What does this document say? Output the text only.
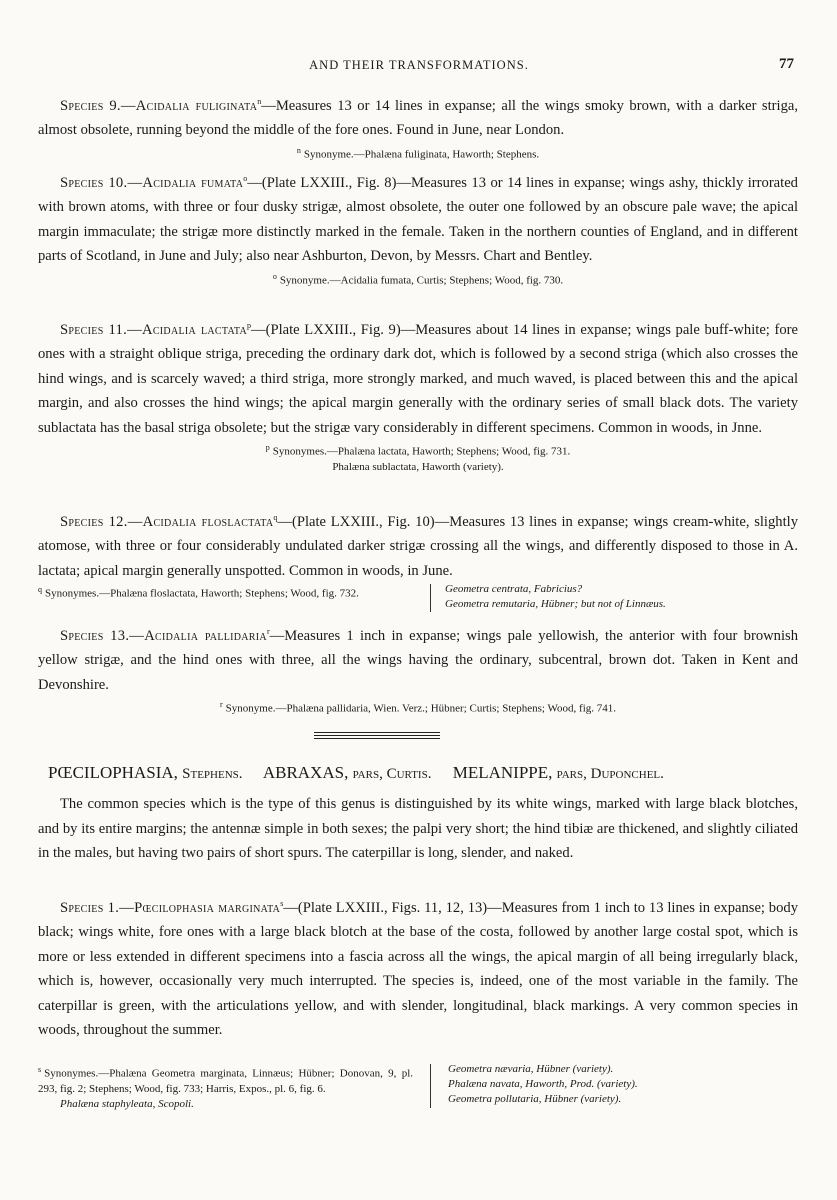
AND THEIR TRANSFORMATIONS.	77

Species 9.—Acidalia fuliginata$^n$—Measures 13 or 14 lines in expanse; all the wings smoky brown, with a darker striga, almost obsolete, running beyond the middle of the fore ones. Found in June, near London.

$^n$ Synonyme.—Phalæna fuliginata, Haworth; Stephens.

Species 10.—Acidalia fumata$^o$—(Plate LXXIII., Fig. 8)—Measures 13 or 14 lines in expanse; wings ashy, thickly irrorated with brown atoms, with three or four dusky strigæ, almost obsolete, the outer one followed by an obscure pale wave; the apical margin immaculate; the strigæ more distinctly marked in the female. Taken in the northern counties of England, and in different parts of Scotland, in June and July; also near Ashburton, Devon, by Messrs. Chart and Bentley.

$^o$ Synonyme.—Acidalia fumata, Curtis; Stephens; Wood, fig. 730.

Species 11.—Acidalia lactata$^p$—(Plate LXXIII., Fig. 9)—Measures about 14 lines in expanse; wings pale buff-white; fore ones with a straight oblique striga, preceding the ordinary dark dot, which is followed by a second striga (which also crosses the hind wings, and is scarcely waved; a third striga, more strongly marked, and much waved, is placed between this and the apical margin, and also crosses the hind wings; the apical margin generally with the ordinary series of small black dots. The variety sublactata has the basal striga obsolete; but the strigæ vary considerably in different specimens. Common in woods, in Jnne.

$^p$ Synonymes.—Phalæna lactata, Haworth; Stephens; Wood, fig. 731.

Phalæna sublactata, Haworth (variety).

Species 12.—Acidalia floslactata$^q$—(Plate LXXIII., Fig. 10)—Measures 13 lines in expanse; wings cream-white, slightly atomose, with three or four considerably undulated darker strigæ crossing all the wings, and differently disposed to those in A. lactata; apical margin generally unspotted. Common in woods, in June.

$^q$ Synonymes.—Phalæna floslactata, Haworth; Stephens; Wood, fig. 732.	Geometra centrata, Fabricius?
Geometra remutaria, Hübner; but not of Linnæus.

Species 13.—Acidalia pallidaria$^r$—Measures 1 inch in expanse; wings pale yellowish, the anterior with four brownish yellow strigæ, and the hind ones with three, all the wings having the ordinary, subcentral, brown dot. Taken in Kent and Devonshire.

$^r$ Synonyme.—Phalæna pallidaria, Wien. Verz.; Hübner; Curtis; Stephens; Wood, fig. 741.

PŒCILOPHASIA, Stephens. ABRAXAS, pars, Curtis. MELANIPPE, pars, Duponchel.

The common species which is the type of this genus is distinguished by its white wings, marked with large black blotches, and by its entire margins; the antennæ simple in both sexes; the palpi very short; the hind tibiæ are thickened, and slightly ciliated in the males, but having two pairs of short spurs. The caterpillar is long, slender, and naked.

Species 1.—Pœcilophasia marginata$^s$—(Plate LXXIII., Figs. 11, 12, 13)—Measures from 1 inch to 13 lines in expanse; body black; wings white, fore ones with a large black blotch at the base of the costa, followed by another large costal spot, which is more or less extended in different specimens into a fascia across all the wings, the apical margin of all being irregularly black, which is, however, occasionally very much interrupted. The species is, indeed, one of the most variable in the family. The caterpillar is green, with the articulations yellow, and with slender, longitudinal, black markings. A very common species in woods, throughout the summer.

$^s$ Synonymes.—Phalæna Geometra marginata, Linnæus; Hübner; Donovan, 9, pl. 293, fig. 2; Stephens; Wood, fig. 733; Harris, Expos., pl. 6, fig. 6.
Phalæna staphyleata, Scopoli.
Geometra nævaria, Hübner (variety).
Phalæna navata, Haworth, Prod. (variety).
Geometra pollutaria, Hübner (variety).
